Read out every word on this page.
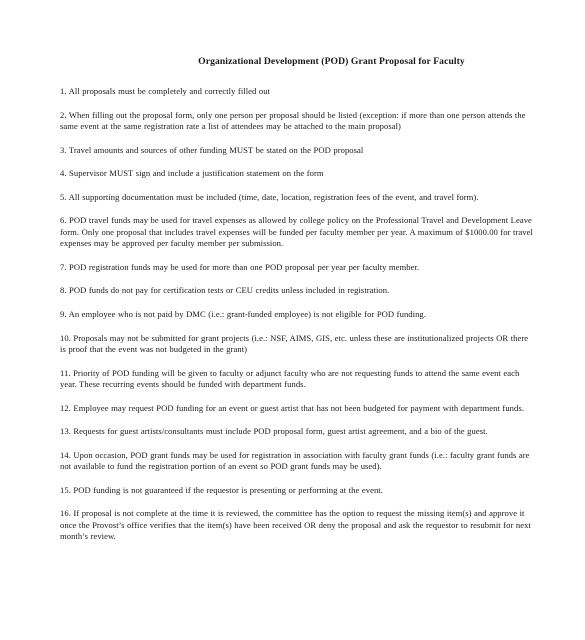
Organizational Development (POD) Grant Proposal for Faculty
1. All proposals must be completely and correctly filled out
2. When filling out the proposal form, only one person per proposal should be listed (exception: if more than one person attends the same event at the same registration rate a list of attendees may be attached to the main proposal)
3. Travel amounts and sources of other funding MUST be stated on the POD proposal
4. Supervisor MUST sign and include a justification statement on the form
5. All supporting documentation must be included (time, date, location, registration fees of the event, and travel form).
6. POD travel funds may be used for travel expenses as allowed by college policy on the Professional Travel and Development Leave form. Only one proposal that includes travel expenses will be funded per faculty member per year. A maximum of $1000.00 for travel expenses may be approved per faculty member per submission.
7. POD registration funds may be used for more than one POD proposal per year per faculty member.
8. POD funds do not pay for certification tests or CEU credits unless included in registration.
9. An employee who is not paid by DMC (i.e.: grant-funded employee) is not eligible for POD funding.
10. Proposals may not be submitted for grant projects (i.e.: NSF, AIMS, GIS, etc. unless these are institutionalized projects OR there is proof that the event was not budgeted in the grant)
11. Priority of POD funding will be given to faculty or adjunct faculty who are not requesting funds to attend the same event each year. These recurring events should be funded with department funds.
12. Employee may request POD funding for an event or guest artist that has not been budgeted for payment with department funds.
13. Requests for guest artists/consultants must include POD proposal form, guest artist agreement, and a bio of the guest.
14. Upon occasion, POD grant funds may be used for registration in association with faculty grant funds (i.e.: faculty grant funds are not available to fund the registration portion of an event so POD grant funds may be used).
15. POD funding is not guaranteed if the requestor is presenting or performing at the event.
16. If proposal is not complete at the time it is reviewed, the committee has the option to request the missing item(s) and approve it once the Provost’s office verifies that the item(s) have been received OR deny the proposal and ask the requestor to resubmit for next month’s review.
